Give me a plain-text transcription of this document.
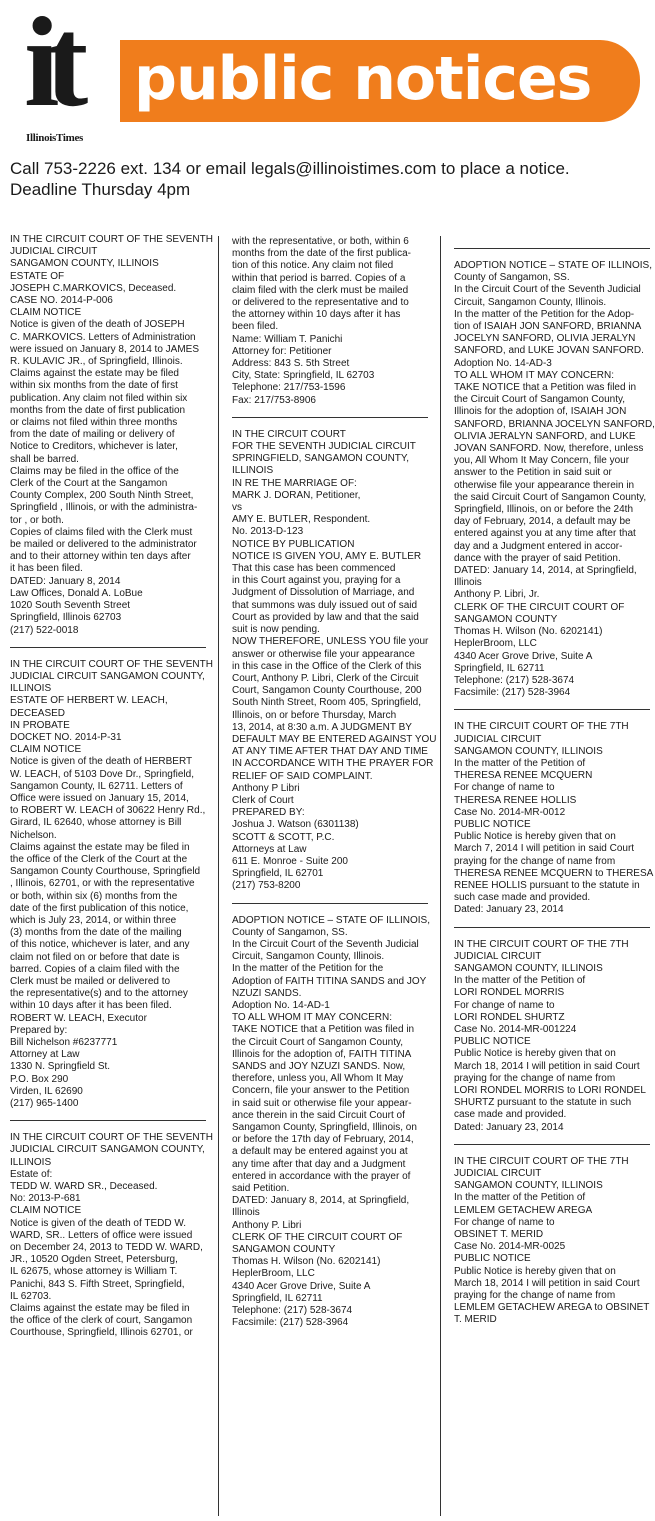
public notices
it
IllinoisTimes
Call 753-2226 ext. 134 or email legals@illinoistimes.com to place a notice.
Deadline Thursday 4pm
IN THE CIRCUIT COURT OF THE SEVENTH
JUDICIAL CIRCUIT
SANGAMON COUNTY, ILLINOIS
ESTATE OF
JOSEPH C.MARKOVICS, Deceased.
CASE NO. 2014-P-006
CLAIM NOTICE
Notice is given of the death of JOSEPH
C. MARKOVICS. Letters of Administration
were issued on January 8, 2014 to JAMES
R. KULAVIC JR., of Springfield, Illinois.
Claims against the estate may be filed
within six months from the date of first
publication. Any claim not filed within six
months from the date of first publication
or claims not filed within three months
from the date of mailing or delivery of
Notice to Creditors, whichever is later,
shall be barred.
Claims may be filed in the office of the
Clerk of the Court at the Sangamon
County Complex, 200 South Ninth Street,
Springfield , Illinois, or with the administra-
tor , or both.
Copies of claims filed with the Clerk must
be mailed or delivered to the administrator
and to their attorney within ten days after
it has been filed.
DATED: January 8, 2014
Law Offices, Donald A. LoBue
1020 South Seventh Street
Springfield, Illinois 62703
(217) 522-0018
IN THE CIRCUIT COURT OF THE SEVENTH
JUDICIAL CIRCUIT SANGAMON COUNTY,
ILLINOIS
ESTATE OF HERBERT W. LEACH,
DECEASED
IN PROBATE
DOCKET NO. 2014-P-31
CLAIM NOTICE
Notice is given of the death of HERBERT
W. LEACH, of 5103 Dove Dr., Springfield,
Sangamon County, IL 62711. Letters of
Office were issued on January 15, 2014,
to ROBERT W. LEACH of 30622 Henry Rd.,
Girard, IL 62640, whose attorney is Bill
Nichelson.
Claims against the estate may be filed in
the office of the Clerk of the Court at the
Sangamon County Courthouse, Springfield
, Illinois, 62701, or with the representative
or both, within six (6) months from the
date of the first publication of this notice,
which is July 23, 2014, or within three
(3) months from the date of the mailing
of this notice, whichever is later, and any
claim not filed on or before that date is
barred. Copies of a claim filed with the
Clerk must be mailed or delivered to
the representative(s) and to the attorney
within 10 days after it has been filed.
ROBERT W. LEACH, Executor
Prepared by:
Bill Nichelson #6237771
Attorney at Law
1330 N. Springfield St.
P.O. Box 290
Virden, IL 62690
(217) 965-1400
IN THE CIRCUIT COURT OF THE SEVENTH
JUDICIAL CIRCUIT SANGAMON COUNTY,
ILLINOIS
Estate of:
TEDD W. WARD SR., Deceased.
No: 2013-P-681
CLAIM NOTICE
Notice is given of the death of TEDD W.
WARD, SR.. Letters of office were issued
on December 24, 2013 to TEDD W. WARD,
JR., 10520 Ogden Street, Petersburg,
IL 62675, whose attorney is William T.
Panichi, 843 S. Fifth Street, Springfield,
IL 62703.
Claims against the estate may be filed in
the office of the clerk of court, Sangamon
Courthouse, Springfield, Illinois 62701, or
with the representative, or both, within 6
months from the date of the first publica-
tion of this notice. Any claim not filed
within that period is barred. Copies of a
claim filed with the clerk must be mailed
or delivered to the representative and to
the attorney within 10 days after it has
been filed.
Name: William T. Panichi
Attorney for: Petitioner
Address: 843 S. 5th Street
City, State: Springfield, IL 62703
Telephone: 217/753-1596
Fax: 217/753-8906
IN THE CIRCUIT COURT
FOR THE SEVENTH JUDICIAL CIRCUIT
SPRINGFIELD, SANGAMON COUNTY,
ILLINOIS
IN RE THE MARRIAGE OF:
MARK J. DORAN, Petitioner,
vs
AMY E. BUTLER, Respondent.
No. 2013-D-123
NOTICE BY PUBLICATION
NOTICE IS GIVEN YOU, AMY E. BUTLER
That this case has been commenced
in this Court against you, praying for a
Judgment of Dissolution of Marriage, and
that summons was duly issued out of said
Court as provided by law and that the said
suit is now pending.
NOW THEREFORE, UNLESS YOU file your
answer or otherwise file your appearance
in this case in the Office of the Clerk of this
Court, Anthony P. Libri, Clerk of the Circuit
Court, Sangamon County Courthouse, 200
South Ninth Street, Room 405, Springfield,
Illinois, on or before Thursday, March
13, 2014, at 8:30 a.m. A JUDGMENT BY
DEFAULT MAY BE ENTERED AGAINST YOU
AT ANY TIME AFTER THAT DAY AND TIME
IN ACCORDANCE WITH THE PRAYER FOR
RELIEF OF SAID COMPLAINT.
Anthony P Libri
Clerk of Court
PREPARED BY:
Joshua J. Watson (6301138)
SCOTT & SCOTT, P.C.
Attorneys at Law
611 E. Monroe - Suite 200
Springfield, IL 62701
(217) 753-8200
ADOPTION NOTICE – STATE OF ILLINOIS,
County of Sangamon, SS.
In the Circuit Court of the Seventh Judicial
Circuit, Sangamon County, Illinois.
In the matter of the Petition for the
Adoption of FAITH TITINA SANDS and JOY
NZUZI SANDS.
Adoption No. 14-AD-1
TO ALL WHOM IT MAY CONCERN:
TAKE NOTICE that a Petition was filed in
the Circuit Court of Sangamon County,
Illinois for the adoption of, FAITH TITINA
SANDS and JOY NZUZI SANDS. Now,
therefore, unless you, All Whom It May
Concern, file your answer to the Petition
in said suit or otherwise file your appear-
ance therein in the said Circuit Court of
Sangamon County, Springfield, Illinois, on
or before the 17th day of February, 2014,
a default may be entered against you at
any time after that day and a Judgment
entered in accordance with the prayer of
said Petition.
DATED: January 8, 2014, at Springfield,
Illinois
Anthony P. Libri
CLERK OF THE CIRCUIT COURT OF
SANGAMON COUNTY
Thomas H. Wilson (No. 6202141)
HeplerBroom, LLC
4340 Acer Grove Drive, Suite A
Springfield, IL 62711
Telephone: (217) 528-3674
Facsimile: (217) 528-3964
ADOPTION NOTICE – STATE OF ILLINOIS,
County of Sangamon, SS.
In the Circuit Court of the Seventh Judicial
Circuit, Sangamon County, Illinois.
In the matter of the Petition for the Adop-
tion of ISAIAH JON SANFORD, BRIANNA
JOCELYN SANFORD, OLIVIA JERALYN
SANFORD, and LUKE JOVAN SANFORD.
Adoption No. 14-AD-3
TO ALL WHOM IT MAY CONCERN:
TAKE NOTICE that a Petition was filed in
the Circuit Court of Sangamon County,
Illinois for the adoption of, ISAIAH JON
SANFORD, BRIANNA JOCELYN SANFORD,
OLIVIA JERALYN SANFORD, and LUKE
JOVAN SANFORD. Now, therefore, unless
you, All Whom It May Concern, file your
answer to the Petition in said suit or
otherwise file your appearance therein in
the said Circuit Court of Sangamon County,
Springfield, Illinois, on or before the 24th
day of February, 2014, a default may be
entered against you at any time after that
day and a Judgment entered in accor-
dance with the prayer of said Petition.
DATED: January 14, 2014, at Springfield,
Illinois
Anthony P. Libri, Jr.
CLERK OF THE CIRCUIT COURT OF
SANGAMON COUNTY
Thomas H. Wilson (No. 6202141)
HeplerBroom, LLC
4340 Acer Grove Drive, Suite A
Springfield, IL 62711
Telephone: (217) 528-3674
Facsimile: (217) 528-3964
IN THE CIRCUIT COURT OF THE 7TH
JUDICIAL CIRCUIT
SANGAMON COUNTY, ILLINOIS
In the matter of the Petition of
THERESA RENEE MCQUERN
For change of name to
THERESA RENEE HOLLIS
Case No. 2014-MR-0012
PUBLIC NOTICE
Public Notice is hereby given that on
March 7, 2014 I will petition in said Court
praying for the change of name from
THERESA RENEE MCQUERN to THERESA
RENEE HOLLIS pursuant to the statute in
such case made and provided.
Dated: January 23, 2014
IN THE CIRCUIT COURT OF THE 7TH
JUDICIAL CIRCUIT
SANGAMON COUNTY, ILLINOIS
In the matter of the Petition of
LORI RONDEL MORRIS
For change of name to
LORI RONDEL SHURTZ
Case No. 2014-MR-001224
PUBLIC NOTICE
Public Notice is hereby given that on
March 18, 2014 I will petition in said Court
praying for the change of name from
LORI RONDEL MORRIS to LORI RONDEL
SHURTZ pursuant to the statute in such
case made and provided.
Dated: January 23, 2014
IN THE CIRCUIT COURT OF THE 7TH
JUDICIAL CIRCUIT
SANGAMON COUNTY, ILLINOIS
In the matter of the Petition of
LEMLEM GETACHEW AREGA
For change of name to
OBSINET T. MERID
Case No. 2014-MR-0025
PUBLIC NOTICE
Public Notice is hereby given that on
March 18, 2014 I will petition in said Court
praying for the change of name from
LEMLEM GETACHEW AREGA to OBSINET
T. MERID
